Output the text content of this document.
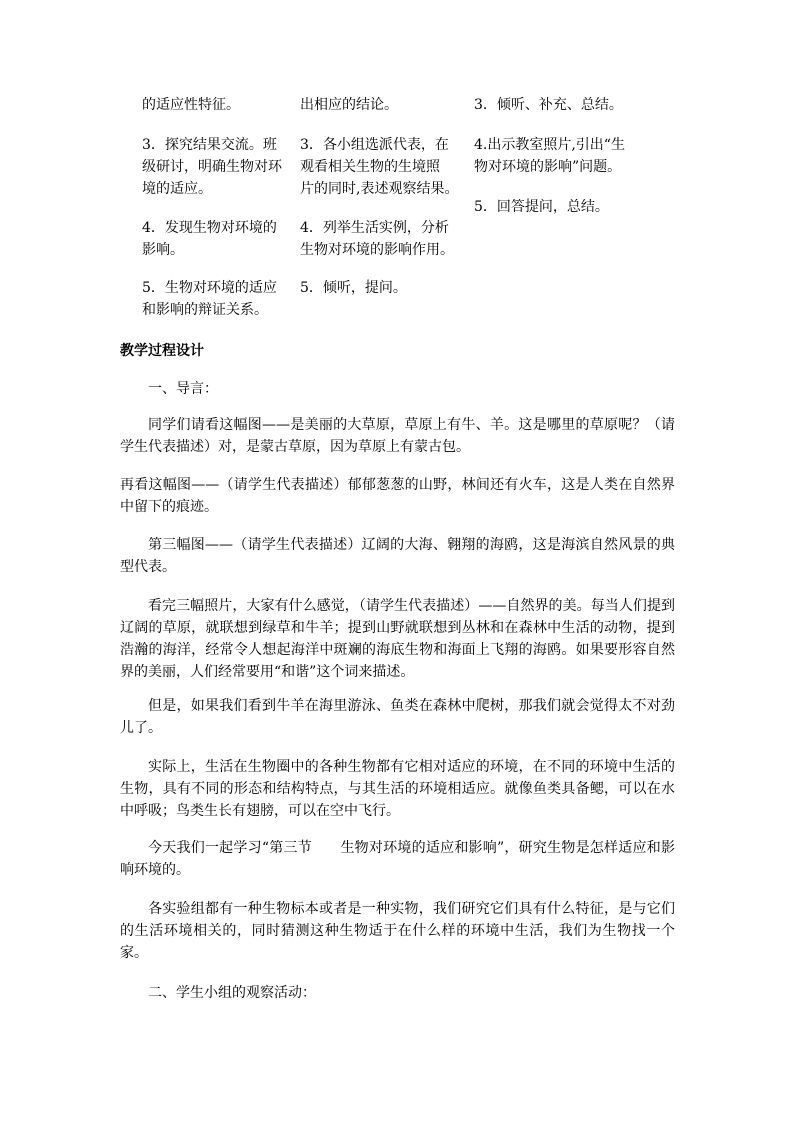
的适应性特征。	出相应的结论。	3．倾听、补充、总结。

3．探究结果交流。班

级研讨，明确生物对环

境的适应。

3．各小组选派代表，在

观看相关生物的生境照

片的同时,表述观察结果。

4.出示教室照片,引出“生

物对环境的影响”问题。

5．回答提问，总结。

4．发现生物对环境的

影响。

4．列举生活实例，分析

生物对环境的影响作用。

5．生物对环境的适应

和影响的辩证关系。

5．倾听，提问。

教学过程设计

一、导言：

同学们请看这幅图——是美丽的大草原，草原上有牛、羊。这是哪里的草原呢？（请学生代表描述）对，是蒙古草原，因为草原上有蒙古包。

再看这幅图——（请学生代表描述）郁郁葱葱的山野，林间还有火车，这是人类在自然界中留下的痕迹。

第三幅图——（请学生代表描述）辽阔的大海、翱翔的海鸥，这是海滨自然风景的典型代表。

看完三幅照片，大家有什么感觉，（请学生代表描述）——自然界的美。每当人们提到辽阔的草原，就联想到绿草和牛羊；提到山野就联想到丛林和在森林中生活的动物，提到浩瀚的海洋，经常令人想起海洋中斑斓的海底生物和海面上飞翔的海鸥。如果要形容自然界的美丽，人们经常要用“和谐”这个词来描述。

但是，如果我们看到牛羊在海里游泳、鱼类在森林中爬树，那我们就会觉得太不对劲儿了。

实际上，生活在生物圈中的各种生物都有它相对适应的环境，在不同的环境中生活的生物，具有不同的形态和结构特点，与其生活的环境相适应。就像鱼类具备鳃，可以在水中呼吸；鸟类生长有翅膀，可以在空中飞行。

今天我们一起学习“第三节　　生物对环境的适应和影响”，研究生物是怎样适应和影响环境的。

各实验组都有一种生物标本或者是一种实物，我们研究它们具有什么特征，是与它们的生活环境相关的，同时猜测这种生物适于在什么样的环境中生活，我们为生物找一个家。

二、学生小组的观察活动：
